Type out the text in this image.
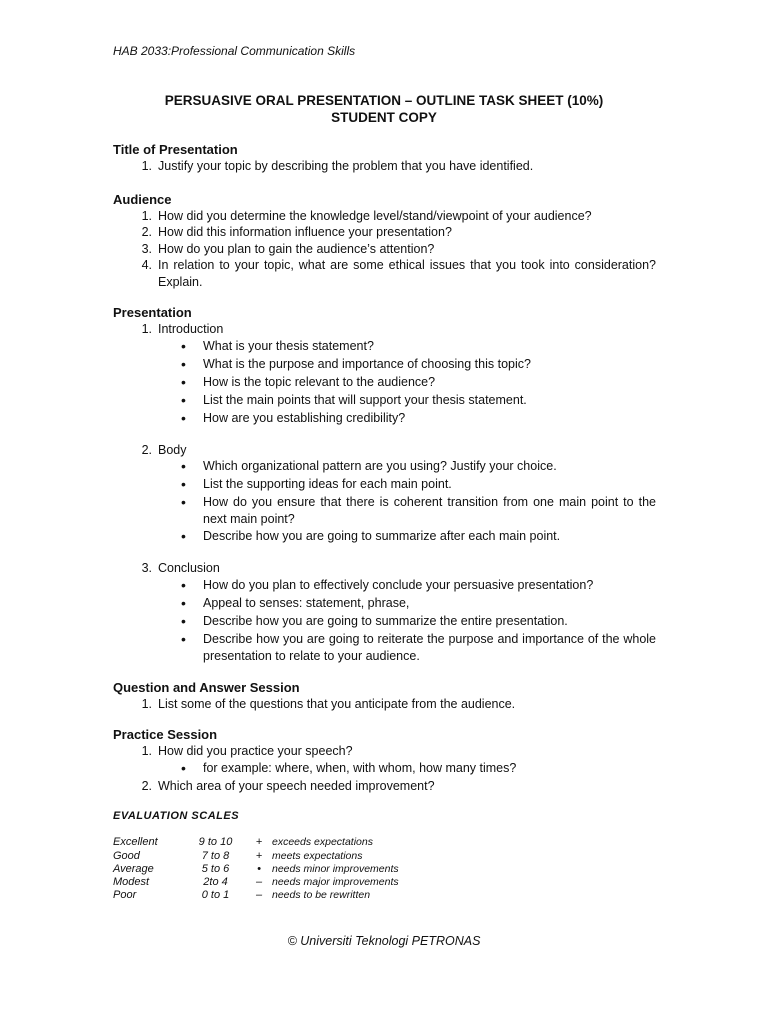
HAB 2033:Professional Communication Skills
PERSUASIVE ORAL PRESENTATION – OUTLINE TASK SHEET (10%)
STUDENT COPY
Title of Presentation
1. Justify your topic by describing the problem that you have identified.
Audience
1. How did you determine the knowledge level/stand/viewpoint of your audience?
2. How did this information influence your presentation?
3. How do you plan to gain the audience’s attention?
4. In relation to your topic, what are some ethical issues that you took into consideration? Explain.
Presentation
1. Introduction
•
What is your thesis statement?
•
What is the purpose and importance of choosing this topic?
•
How is the topic relevant to the audience?
•
List the main points that will support your thesis statement.
•
How are you establishing credibility?
2. Body
•
Which organizational pattern are you using? Justify your choice.
•
List the supporting ideas for each main point.
•
How do you ensure that there is coherent transition from one main point to the next main point?
•
Describe how you are going to summarize after each main point.
3. Conclusion
•
How do you plan to effectively conclude your persuasive presentation?
•
Appeal to senses: statement, phrase,
•
Describe how you are going to summarize the entire presentation.
•
Describe how you are going to reiterate the purpose and importance of the whole presentation to relate to your audience.
Question and Answer Session
1. List some of the questions that you anticipate from the audience.
Practice Session
1. How did you practice your speech?
•
for example: where, when, with whom, how many times?
2. Which area of your speech needed improvement?
EVALUATION SCALES
Excellent	9 to 10	+ exceeds expectations
Good	7 to 8	+ meets expectations
Average	5 to 6	•	needs minor improvements
Modest	2to 4	– needs major improvements
Poor	0 to 1	– needs to be rewritten
© Universiti Teknologi PETRONAS
